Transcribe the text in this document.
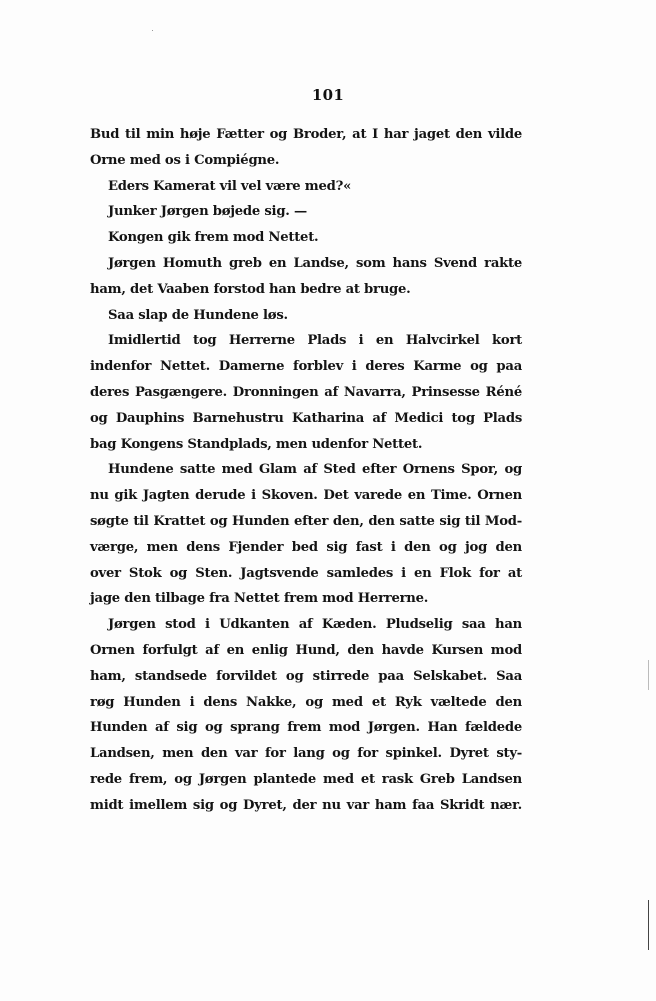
101
Bud til min høje Fætter og Broder, at I har jaget den vilde
Orne med os i Compiégne.
Eders Kamerat vil vel være med?«
Junker Jørgen bøjede sig. —
Kongen gik frem mod Nettet.
Jørgen Homuth greb en Landse, som hans Svend rakte
ham, det Vaaben forstod han bedre at bruge.
Saa slap de Hundene løs.
Imidlertid tog Herrerne Plads i en Halvcirkel kort
indenfor Nettet. Damerne forblev i deres Karme og paa
deres Pasgængere. Dronningen af Navarra, Prinsesse Réné
og Dauphins Barnehustru Katharina af Medici tog Plads
bag Kongens Standplads, men udenfor Nettet.
Hundene satte med Glam af Sted efter Ornens Spor, og
nu gik Jagten derude i Skoven. Det varede en Time. Ornen
søgte til Krattet og Hunden efter den, den satte sig til Mod-
værge, men dens Fjender bed sig fast i den og jog den
over Stok og Sten. Jagtsvende samledes i en Flok for at
jage den tilbage fra Nettet frem mod Herrerne.
Jørgen stod i Udkanten af Kæden. Pludselig saa han
Ornen forfulgt af en enlig Hund, den havde Kursen mod
ham, standsede forvildet og stirrede paa Selskabet. Saa
røg Hunden i dens Nakke, og med et Ryk væltede den
Hunden af sig og sprang frem mod Jørgen. Han fældede
Landsen, men den var for lang og for spinkel. Dyret sty-
rede frem, og Jørgen plantede med et rask Greb Landsen
midt imellem sig og Dyret, der nu var ham faa Skridt nær.
